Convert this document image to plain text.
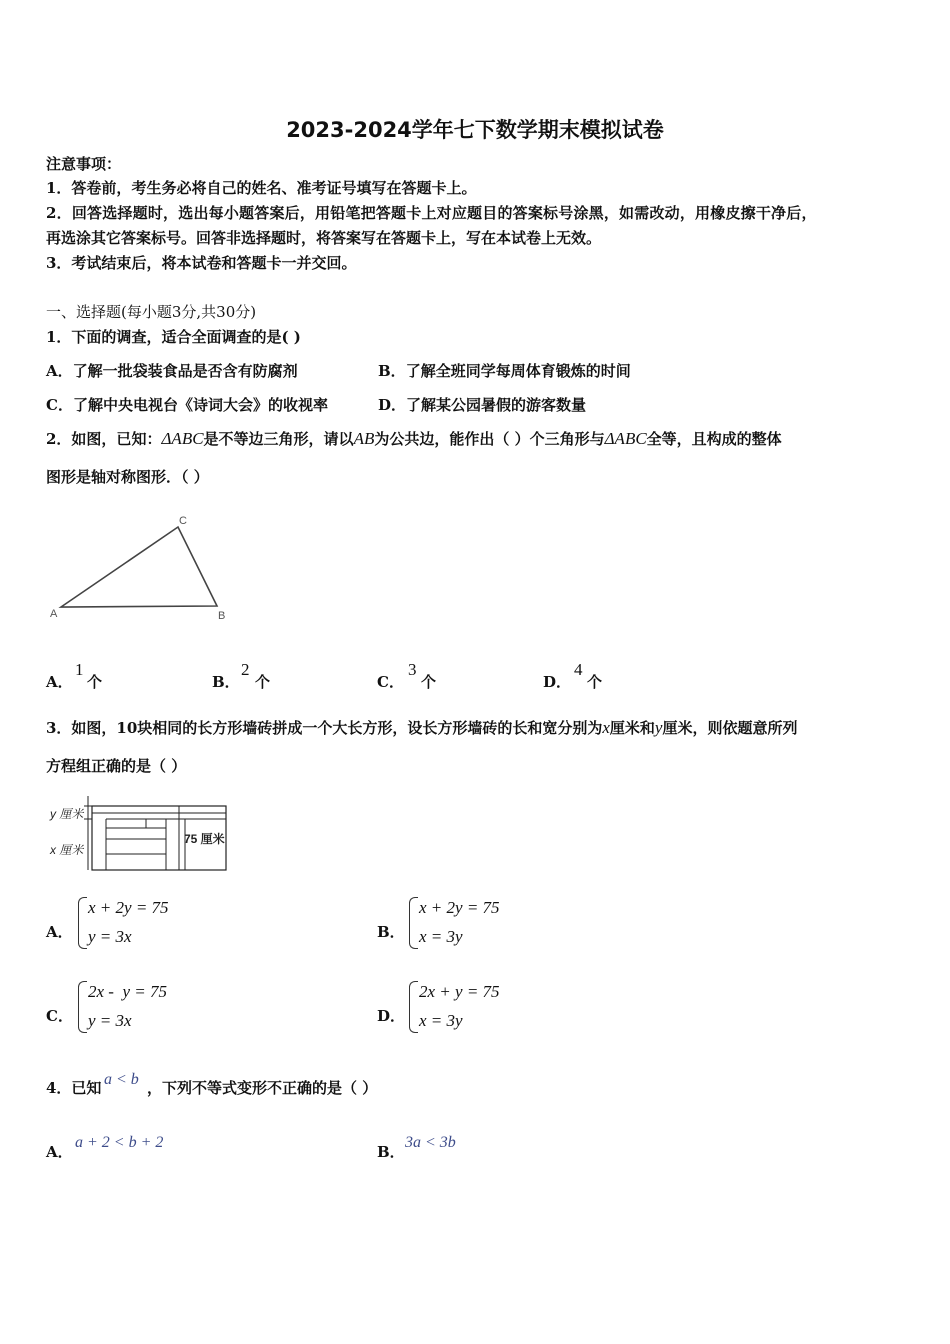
2023-2024学年七下数学期末模拟试卷
注意事项：
1．答卷前，考生务必将自己的姓名、准考证号填写在答题卡上。
2．回答选择题时，选出每小题答案后，用铅笔把答题卡上对应题目的答案标号涂黑，如需改动，用橡皮擦干净后，
再选涂其它答案标号。回答非选择题时，将答案写在答题卡上，写在本试卷上无效。
3．考试结束后，将本试卷和答题卡一并交回。
一、选择题(每小题3分,共30分)
1．下面的调查，适合全面调查的是( )
A．了解一批袋装食品是否含有防腐剂	B．了解全班同学每周体育锻炼的时间
C．了解中央电视台《诗词大会》的收视率	D．了解某公园暑假的游客数量
2．如图，已知：ΔABC是不等边三角形，请以AB为公共边，能作出（ ）个三角形与ΔABC全等，且构成的整体
图形是轴对称图形．（ ）
A	B
C
A．
1
个	B．
2
个	C．
3
个	D．
4
个
3．如图，10块相同的长方形墙砖拼成一个大长方形，设长方形墙砖的长和宽分别为x厘米和y厘米，则依题意所列
方程组正确的是（ ）
y 厘米
x 厘米
75 厘米
A．
x + 2y = 75
y = 3x	B．
x + 2y = 75
x = 3y
C．
2x -  y = 75
y = 3x	D．
2x + y = 75
x = 3y
4．已知 a < b ，下列不等式变形不正确的是（ ）
A．
a + 2 < b + 2
B．
3a < 3b
